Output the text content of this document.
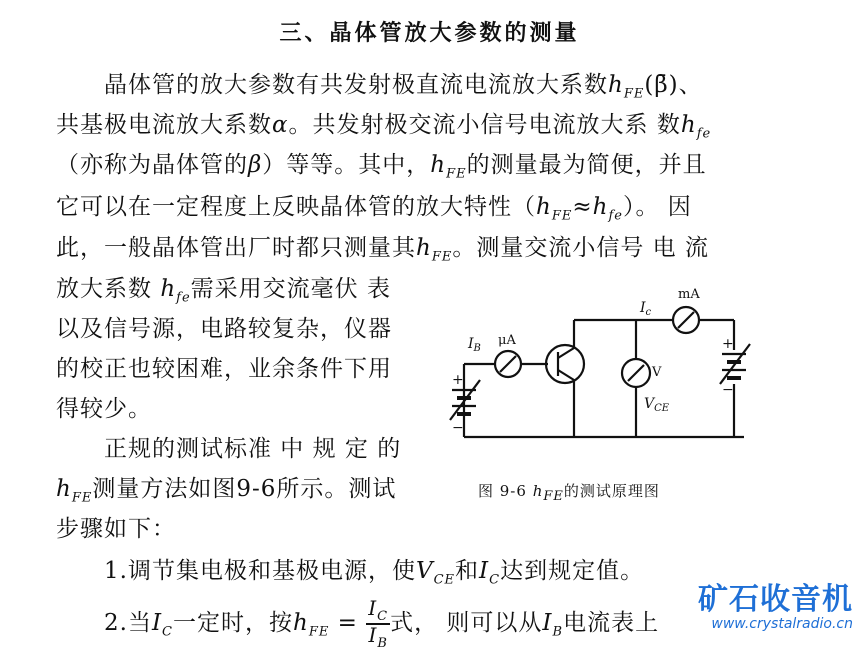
三、晶体管放大参数的测量
晶体管的放大参数有共发射极直流电流放大系数$h_{FE}(\betā)$、
共基极电流放大系数α。共发射极交流小信号电流放大系 数$h_{fe}$
（亦称为晶体管的β）等等。其中，$h_{FE}$的测量最为简便，并且
它可以在一定程度上反映晶体管的放大特性$(h_{FE}\approx h_{fe})$。 因
此，一般晶体管出厂时都只测量其$h_{FE}$。测量交流小信号 电 流
放大系数 $h_{fe}$需采用交流毫伏 表
以及信号源，电路较复杂，仪器
的校正也较困难，业余条件下用
得较少。
正规的测试标准 中 规 定 的
$h_{FE}$测量方法如图9-6所示。测试
步骤如下：
1.调节集电极和基极电源，使$V_{CE}$和$I_C$达到规定值。
2.当$I_C$一定时，按$h_{FE} = \frac{I_C}{I_B}$ 式， 则可以从$I_B$电流表上
$I_B$
μA
$I_c$
mA
V
$V_{CE}$
+
−
+
−
图 9-6 $h_{FE}$的测试原理图
矿石收音机
www.crystalradio.cn
